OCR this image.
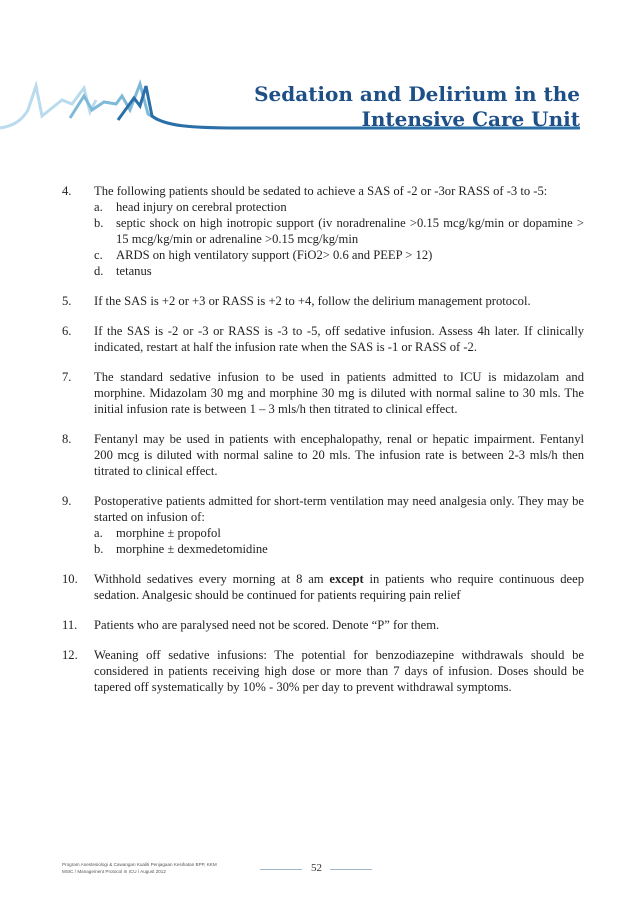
Sedation and Delirium in the
Intensive Care Unit
4.	The following patients should be sedated to achieve a SAS of -2 or -3or RASS of -3 to -5:
a.	head injury on cerebral protection
b. septic shock on high inotropic support (iv noradrenaline >0.15 mcg/kg/min or dopamine > 15 mcg/kg/min or adrenaline >0.15 mcg/kg/min
c.	ARDS on high ventilatory support (FiO2> 0.6 and PEEP > 12)
d. tetanus
5.	If the SAS is +2 or +3 or RASS is +2 to +4, follow the delirium management protocol.
6.	If the SAS is -2 or -3 or RASS is -3 to -5, off sedative infusion. Assess 4h later. If clinically indicated, restart at half the infusion rate when the SAS is -1 or RASS of -2.
7.	The standard sedative infusion to be used in patients admitted to ICU is midazolam and morphine. Midazolam 30 mg and morphine 30 mg is diluted with normal saline to 30 mls. The initial infusion rate is between 1 – 3 mls/h then titrated to clinical effect.
8.	Fentanyl may be used in patients with encephalopathy, renal or hepatic impairment. Fentanyl 200 mcg is diluted with normal saline to 20 mls. The infusion rate is between 2-3 mls/h then titrated to clinical effect.
9.	Postoperative patients admitted for short-term ventilation may need analgesia only. They may be started on infusion of:
a.	morphine ± propofol
b. morphine ± dexmedetomidine
10.	Withhold sedatives every morning at 8 am except in patients who require continuous deep sedation. Analgesic should be continued for patients requiring pain relief
11.	Patients who are paralysed need not be scored. Denote “P” for them.
12.	Weaning off sedative infusions: The potential for benzodiazepine withdrawals should be considered in patients receiving high dose or more than 7 days of infusion. Doses should be tapered off systematically by 10% - 30% per day to prevent withdrawal symptoms.
Program Anestesiologi & Cawangan Kualiti Penjagaan Kesihatan BPP, KKM
MSIC / Management Protocol In ICU / August 2012	52
